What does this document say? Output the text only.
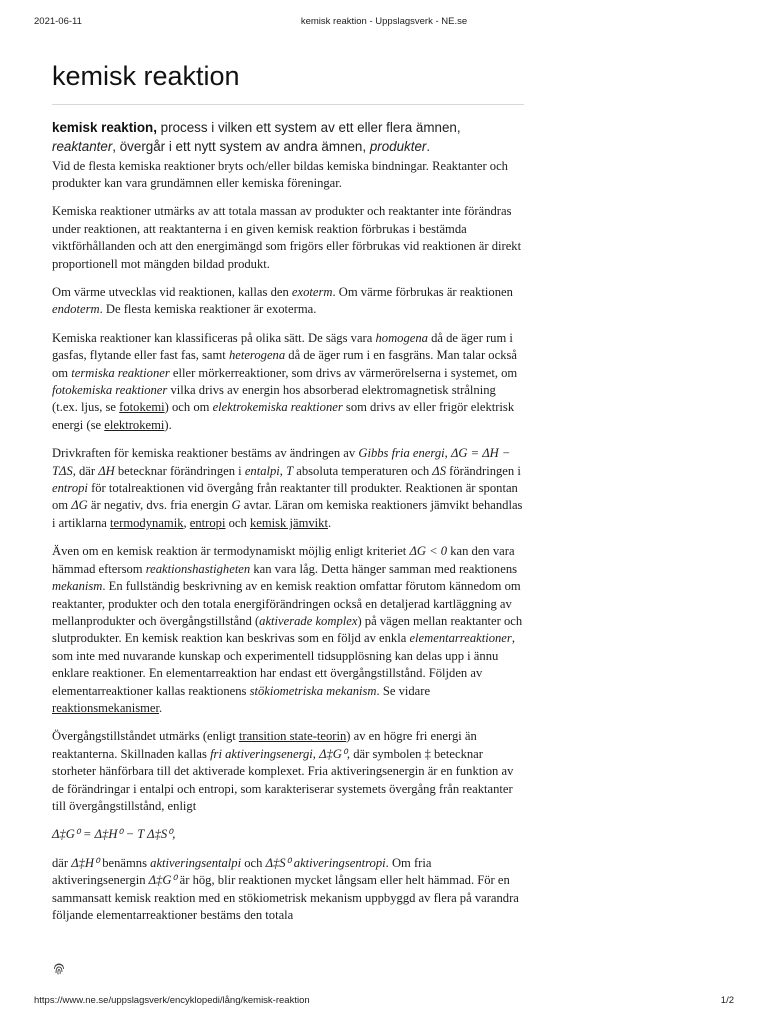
2021-06-11	kemisk reaktion - Uppslagsverk - NE.se
kemisk reaktion
kemisk reaktion, process i vilken ett system av ett eller flera ämnen, reaktanter, övergår i ett nytt system av andra ämnen, produkter.

Vid de flesta kemiska reaktioner bryts och/eller bildas kemiska bindningar. Reaktanter och produkter kan vara grundämnen eller kemiska föreningar.

Kemiska reaktioner utmärks av att totala massan av produkter och reaktanter inte förändras under reaktionen, att reaktanterna i en given kemisk reaktion förbrukas i bestämda viktförhållanden och att den energimängd som frigörs eller förbrukas vid reaktionen är direkt proportionell mot mängden bildad produkt.

Om värme utvecklas vid reaktionen, kallas den exoterm. Om värme förbrukas är reaktionen endoterm. De flesta kemiska reaktioner är exoterma.

Kemiska reaktioner kan klassificeras på olika sätt. De sägs vara homogena då de äger rum i gasfas, flytande eller fast fas, samt heterogena då de äger rum i en fasgräns. Man talar också om termiska reaktioner eller mörkerreaktioner, som drivs av värmerörelserna i systemet, om fotokemiska reaktioner vilka drivs av energin hos absorberad elektromagnetisk strålning (t.ex. ljus, se fotokemi) och om elektrokemiska reaktioner som drivs av eller frigör elektrisk energi (se elektrokemi).

Drivkraften för kemiska reaktioner bestäms av ändringen av Gibbs fria energi, ΔG = ΔH − TΔS, där ΔH betecknar förändringen i entalpi, T absoluta temperaturen och ΔS förändringen i entropi för totalreaktionen vid övergång från reaktanter till produkter. Reaktionen är spontan om ΔG är negativ, dvs. fria energin G avtar. Läran om kemiska reaktioners jämvikt behandlas i artiklarna termodynamik, entropi och kemisk jämvikt.

Även om en kemisk reaktion är termodynamiskt möjlig enligt kriteriet ΔG < 0 kan den vara hämmad eftersom reaktionshastigheten kan vara låg. Detta hänger samman med reaktionens mekanism. En fullständig beskrivning av en kemisk reaktion omfattar förutom kännedom om reaktanter, produkter och den totala energiförändringen också en detaljerad kartläggning av mellanprodukter och övergångstillstånd (aktiverade komplex) på vägen mellan reaktanter och slutprodukter. En kemisk reaktion kan beskrivas som en följd av enkla elementarreaktioner, som inte med nuvarande kunskap och experimentell tidsupplösning kan delas upp i ännu enklare reaktioner. En elementarreaktion har endast ett övergångstillstånd. Följden av elementarreaktioner kallas reaktionens stökiometriska mekanism. Se vidare reaktionsmekanismer.

Övergångstillståndet utmärks (enligt transition state-teorin) av en högre fri energi än reaktanterna. Skillnaden kallas fri aktiveringsenergi, Δ‡G⁰, där symbolen ‡ betecknar storheter hänförbara till det aktiverade komplexet. Fria aktiveringsenergin är en funktion av de förändringar i entalpi och entropi, som karakteriserar systemets övergång från reaktanter till övergångstillstånd, enligt

Δ‡G⁰ = Δ‡H⁰ − T Δ‡S⁰,

där Δ‡H⁰ benämns aktiveringsentalpi och Δ‡S⁰ aktiveringsentropi. Om fria aktiveringsenergin Δ‡G⁰ är hög, blir reaktionen mycket långsam eller helt hämmad. För en sammansatt kemisk reaktion med en stökiometrisk mekanism uppbyggd av flera på varandra följande elementarreaktioner bestäms den totala

https://www.ne.se/uppslagsverk/encyklopedi/lång/kemisk-reaktion	1/2
